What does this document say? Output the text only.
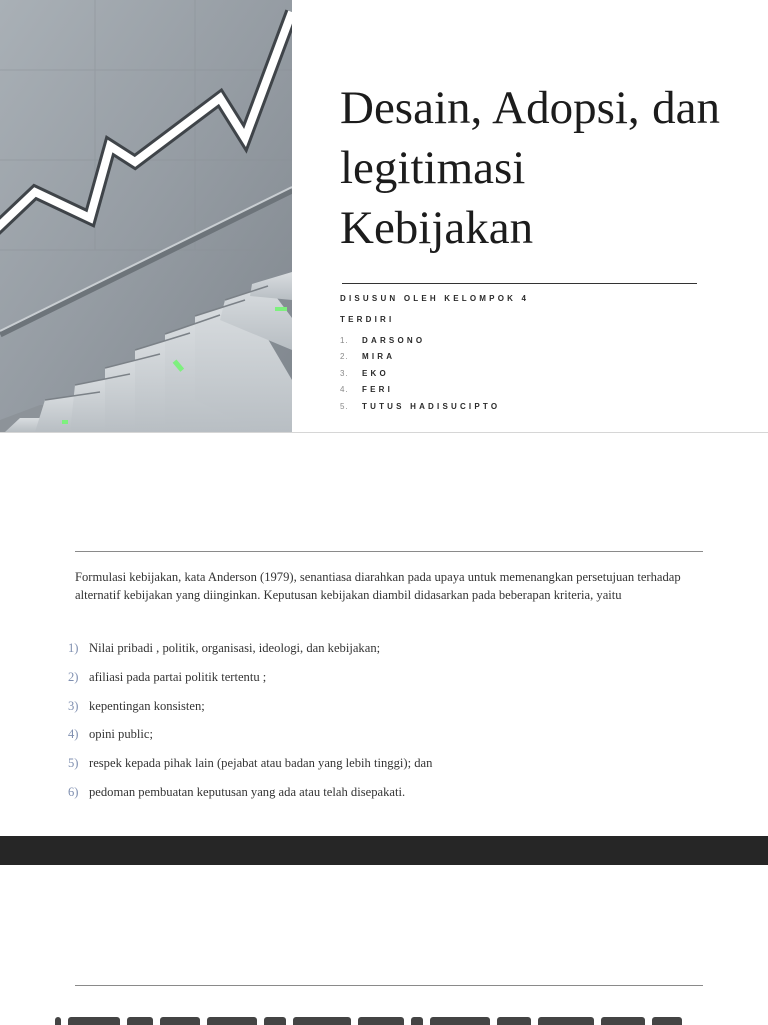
Desain, Adopsi, dan legitimasi Kebijakan
DISUSUN OLEH KELOMPOK 4
TERDIRI
1.	DARSONO
2.	MIRA
3.	EKO
4.	FERI
5.	TUTUS HADISUCIPTO
Formulasi kebijakan, kata Anderson (1979), senantiasa diarahkan pada upaya untuk memenangkan persetujuan terhadap alternatif kebijakan yang diinginkan. Keputusan kebijakan diambil didasarkan pada beberapan kriteria, yaitu
1) Nilai pribadi , politik, organisasi, ideologi, dan kebijakan;
2) afiliasi pada partai politik tertentu ;
3) kepentingan konsisten;
4) opini public;
5) respek kepada pihak lain (pejabat atau badan yang lebih tinggi); dan
6) pedoman pembuatan keputusan yang ada atau telah disepakati.
